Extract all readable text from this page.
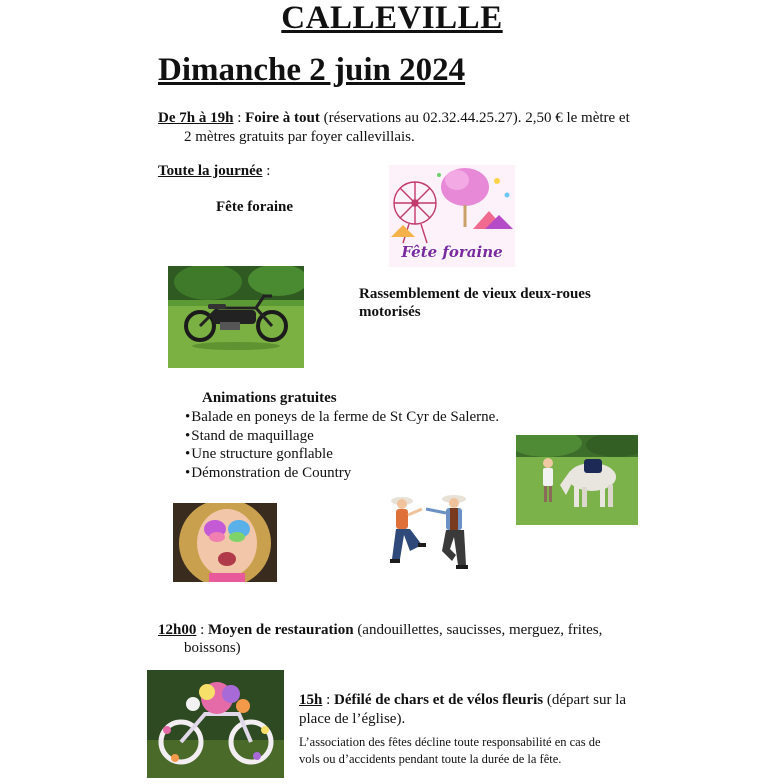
CALLEVILLE
Dimanche 2 juin 2024
De 7h à 19h : Foire à tout (réservations au 02.32.44.25.27). 2,50 € le mètre et
2 mètres gratuits par foyer callevillais.
Toute la journée :
Fête foraine
Fête foraine
Rassemblement de vieux deux-roues
motorisés
Animations gratuites
• Balade en poneys de la ferme de St Cyr de Salerne.
• Stand de maquillage
• Une structure gonflable
• Démonstration de Country
12h00 : Moyen de restauration (andouillettes, saucisses, merguez, frites,
boissons)
15h : Défilé de chars et de vélos fleuris (départ sur la
place de l’église).
L’association des fêtes décline toute responsabilité en cas de
vols ou d’accidents pendant toute la durée de la fête.
